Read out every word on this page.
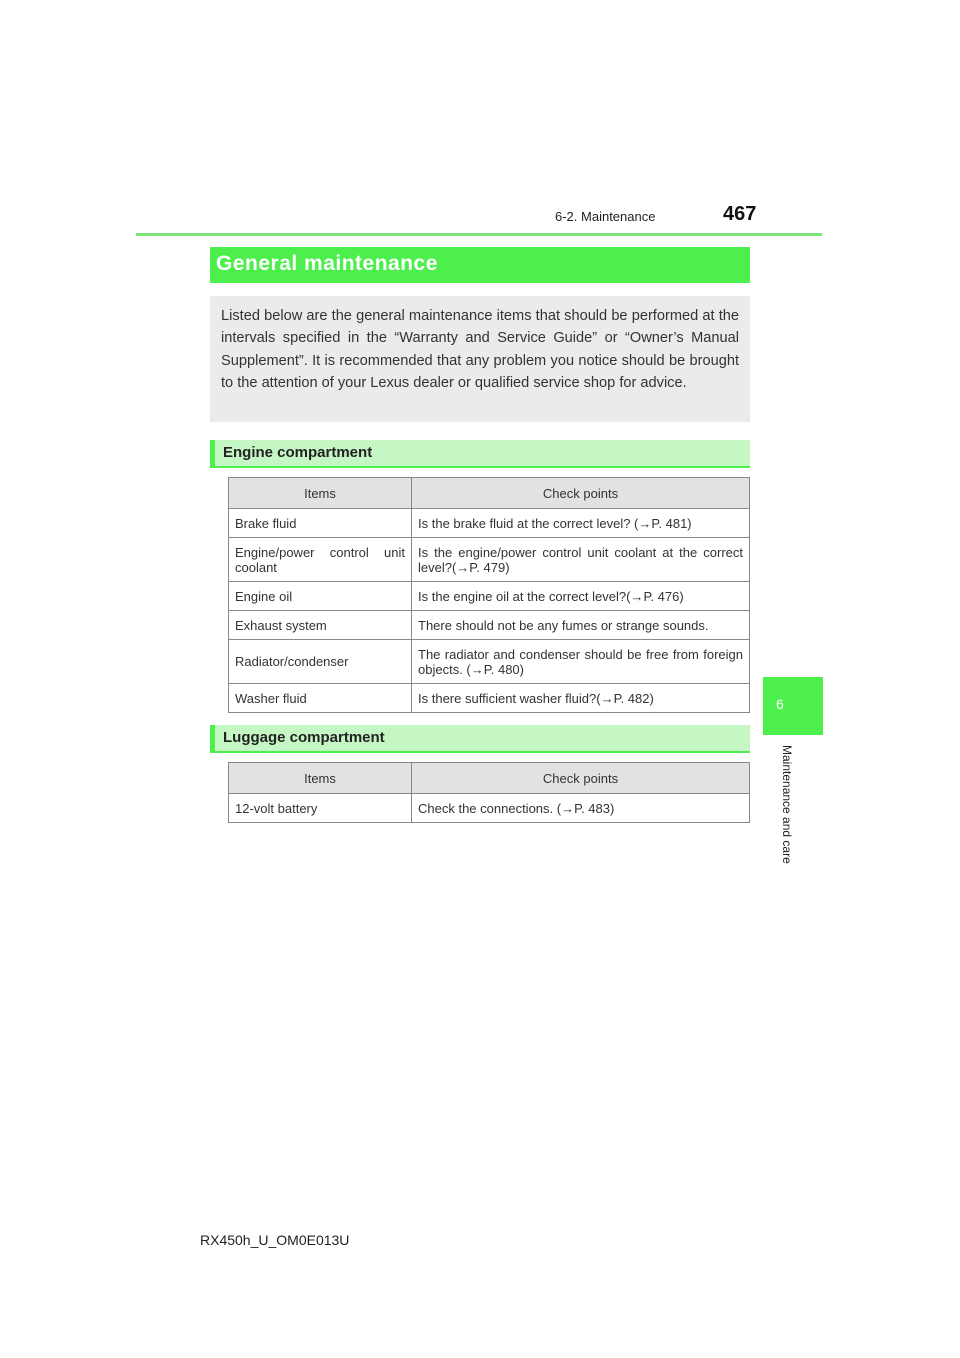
6-2. Maintenance	467
6
Maintenance and care
General maintenance
Listed below are the general maintenance items that should be performed at the intervals specified in the “Warranty and Service Guide” or “Owner’s Manual Supplement”. It is recommended that any problem you notice should be brought to the attention of your Lexus dealer or qualified service shop for advice.
Engine compartment
Items	Check points
Brake fluid	Is the brake fluid at the correct level? (→P. 481)
Engine/power control unit coolant	Is the engine/power control unit coolant at the correct level?(→P. 479)
Engine oil	Is the engine oil at the correct level?(→P. 476)
Exhaust system	There should not be any fumes or strange sounds.
Radiator/condenser	The radiator and condenser should be free from foreign objects. (→P. 480)
Washer fluid	Is there sufficient washer fluid?(→P. 482)
Luggage compartment
Items	Check points
12-volt battery	Check the connections. (→P. 483)
RX450h_U_OM0E013U
